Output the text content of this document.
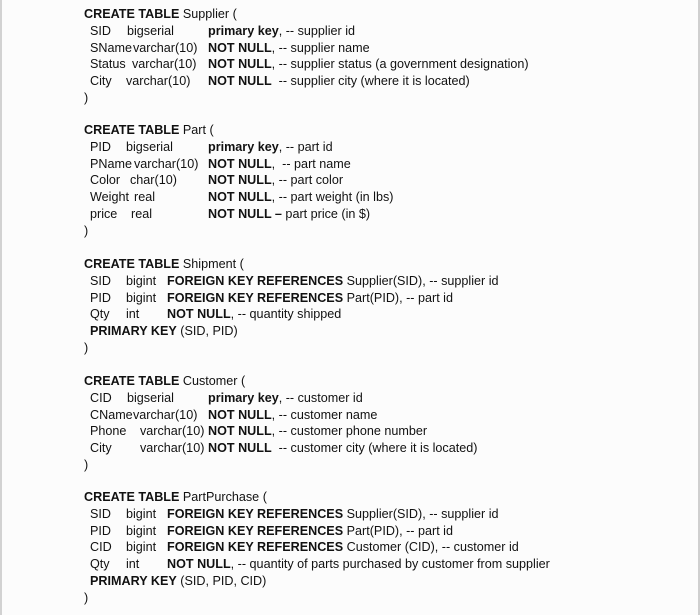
CREATE TABLE Supplier (
SID bigserial	primary key, -- supplier id
SName varchar(10) NOT NULL, -- supplier name
Status varchar(10) NOT NULL, -- supplier status (a government designation)
City varchar(10) NOT NULL  -- supplier city (where it is located)
)
CREATE TABLE Part (
PID bigserial	primary key, -- part id
PName varchar(10) NOT NULL,  -- part name
Color char(10) NOT NULL, -- part color
Weight real	NOT NULL, -- part weight (in lbs)
price real	NOT NULL – part price (in $)
)
CREATE TABLE Shipment (
SID bigint FOREIGN KEY REFERENCES Supplier(SID), -- supplier id
PID bigint FOREIGN KEY REFERENCES Part(PID), -- part id
Qty int NOT NULL, -- quantity shipped
PRIMARY KEY (SID, PID)
)
CREATE TABLE Customer (
CID bigserial	primary key, -- customer id
CName varchar(10) NOT NULL, -- customer name
Phone varchar(10) NOT NULL, -- customer phone number
City varchar(10) NOT NULL  -- customer city (where it is located)
)
CREATE TABLE PartPurchase (
SID bigint FOREIGN KEY REFERENCES Supplier(SID), -- supplier id
PID bigint FOREIGN KEY REFERENCES Part(PID), -- part id
CID bigint FOREIGN KEY REFERENCES Customer (CID), -- customer id
Qty int NOT NULL, -- quantity of parts purchased by customer from supplier
PRIMARY KEY (SID, PID, CID)
)
